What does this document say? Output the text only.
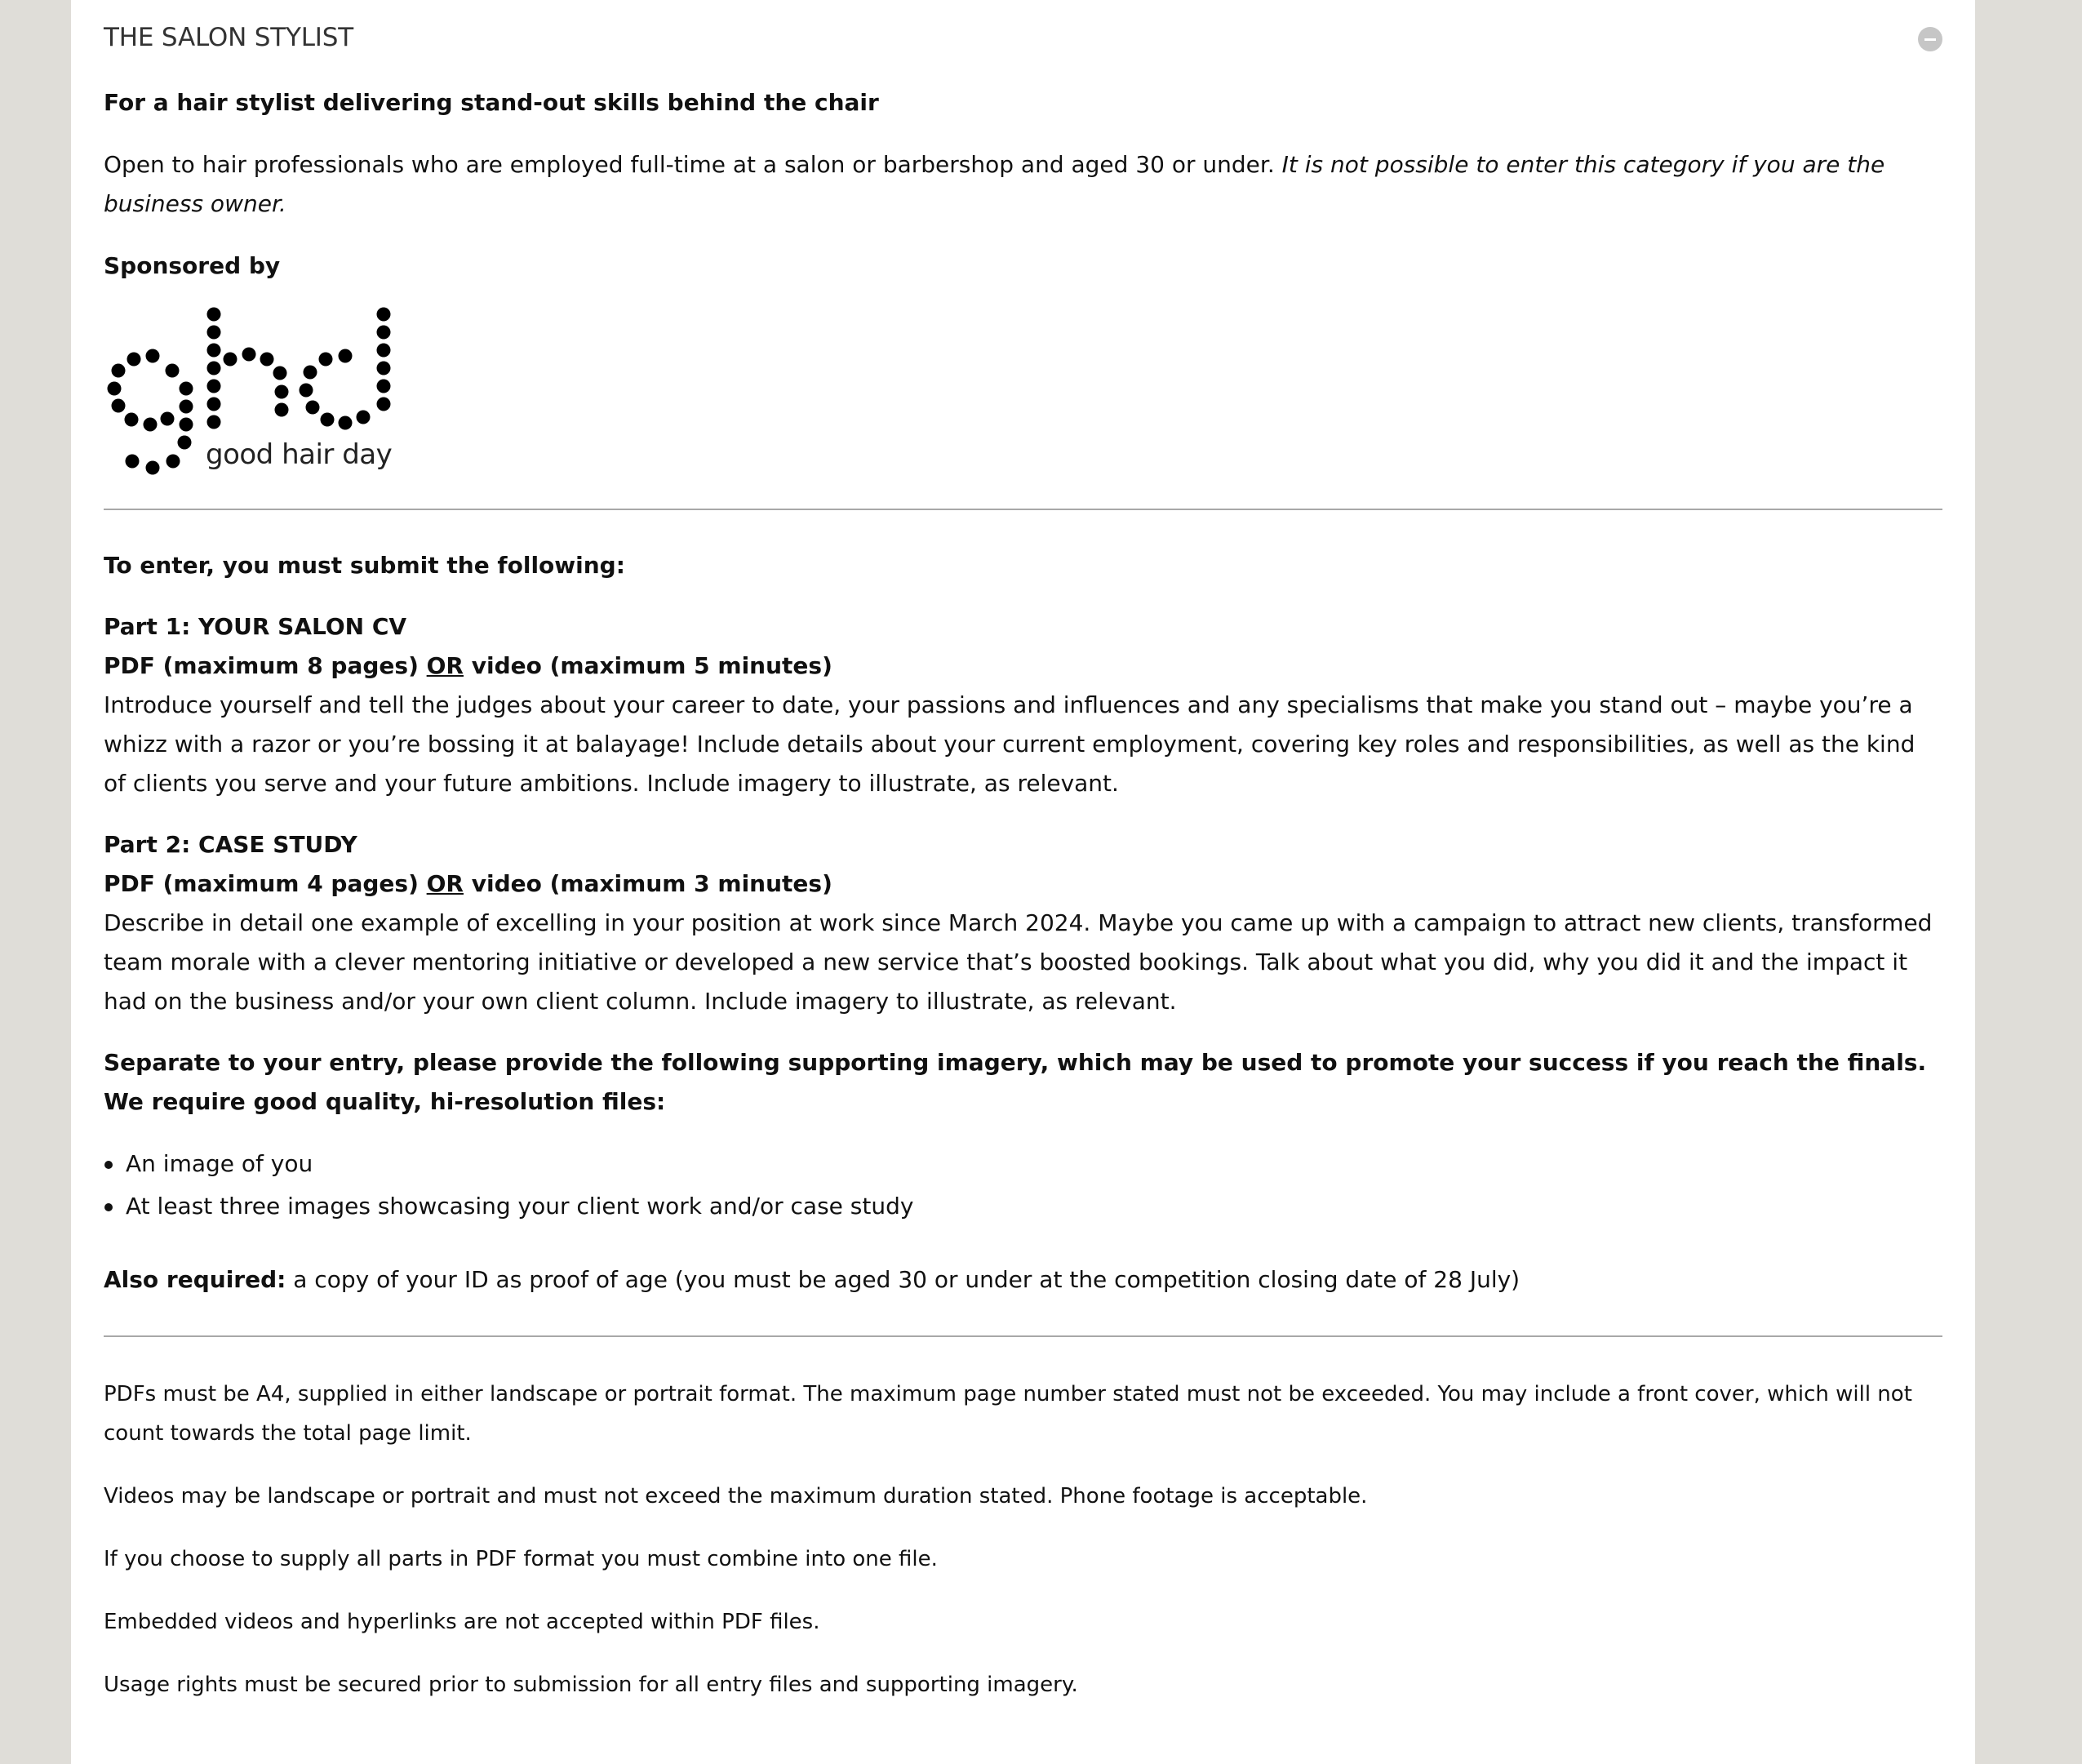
THE SALON STYLIST

For a hair stylist delivering stand-out skills behind the chair

Open to hair professionals who are employed full-time at a salon or barbershop and aged 30 or under. It is not possible to enter this category if you are the business owner.

Sponsored by

good hair day

To enter, you must submit the following:

Part 1: YOUR SALON CV

PDF (maximum 8 pages) OR video (maximum 5 minutes)

Introduce yourself and tell the judges about your career to date, your passions and influences and any specialisms that make you stand out – maybe you’re a whizz with a razor or you’re bossing it at balayage! Include details about your current employment, covering key roles and responsibilities, as well as the kind of clients you serve and your future ambitions. Include imagery to illustrate, as relevant.

Part 2: CASE STUDY

PDF (maximum 4 pages) OR video (maximum 3 minutes)

Describe in detail one example of excelling in your position at work since March 2024. Maybe you came up with a campaign to attract new clients, transformed team morale with a clever mentoring initiative or developed a new service that’s boosted bookings. Talk about what you did, why you did it and the impact it had on the business and/or your own client column. Include imagery to illustrate, as relevant.

Separate to your entry, please provide the following supporting imagery, which may be used to promote your success if you reach the finals. We require good quality, hi-resolution files:

An image of you
At least three images showcasing your client work and/or case study

Also required: a copy of your ID as proof of age (you must be aged 30 or under at the competition closing date of 28 July)

PDFs must be A4, supplied in either landscape or portrait format. The maximum page number stated must not be exceeded. You may include a front cover, which will not count towards the total page limit.

Videos may be landscape or portrait and must not exceed the maximum duration stated. Phone footage is acceptable.

If you choose to supply all parts in PDF format you must combine into one file.

Embedded videos and hyperlinks are not accepted within PDF files.

Usage rights must be secured prior to submission for all entry files and supporting imagery.
